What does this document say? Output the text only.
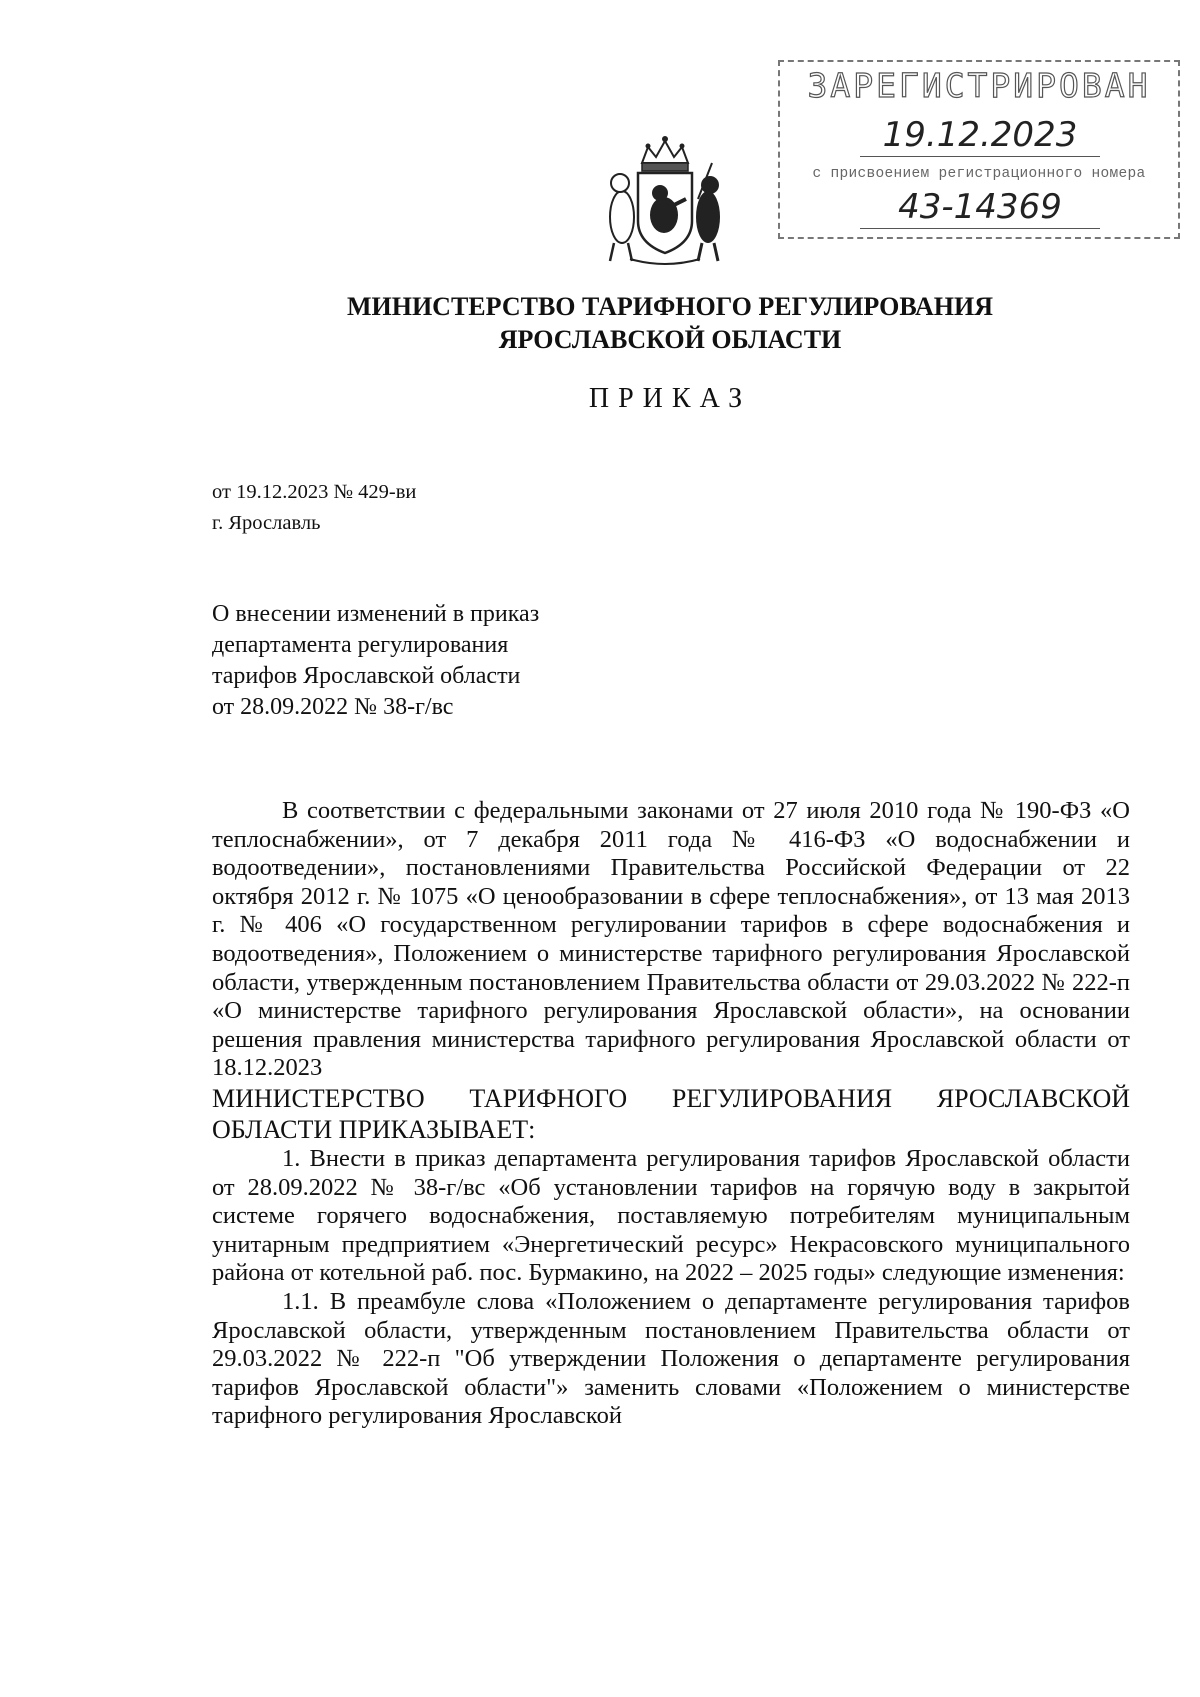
ЗАРЕГИСТРИРОВАН
19.12.2023
с присвоением регистрационного номера
43-14369
МИНИСТЕРСТВО ТАРИФНОГО РЕГУЛИРОВАНИЯ
ЯРОСЛАВСКОЙ ОБЛАСТИ
ПРИКАЗ
от 19.12.2023 № 429-ви
г. Ярославль
О внесении изменений в приказ
департамента регулирования
тарифов Ярославской области
от 28.09.2022 № 38-г/вс

В соответствии с федеральными законами от 27 июля 2010 года № 190-ФЗ «О теплоснабжении», от 7 декабря 2011 года № 416-ФЗ «О водоснабжении и водоотведении», постановлениями Правительства Российской Федерации от 22 октября 2012 г. № 1075 «О ценообразовании в сфере теплоснабжения», от 13 мая 2013 г. № 406 «О государственном регулировании тарифов в сфере водоснабжения и водоотведения», Положением о министерстве тарифного регулирования Ярославской области, утвержденным постановлением Правительства области от 29.03.2022 № 222-п «О министерстве тарифного регулирования Ярославской области», на основании решения правления министерства тарифного регулирования Ярославской области от 18.12.2023

МИНИСТЕРСТВО ТАРИФНОГО РЕГУЛИРОВАНИЯ ЯРОСЛАВСКОЙ ОБЛАСТИ ПРИКАЗЫВАЕТ:

1. Внести в приказ департамента регулирования тарифов Ярославской области от 28.09.2022 № 38-г/вс «Об установлении тарифов на горячую воду в закрытой системе горячего водоснабжения, поставляемую потребителям муниципальным унитарным предприятием «Энергетический ресурс» Некрасовского муниципального района от котельной раб. пос. Бурмакино, на 2022 – 2025 годы» следующие изменения:

1.1. В преамбуле слова «Положением о департаменте регулирования тарифов Ярославской области, утвержденным постановлением Правительства области от 29.03.2022 № 222-п "Об утверждении Положения о департаменте регулирования тарифов Ярославской области"» заменить словами «Положением о министерстве тарифного регулирования Ярославской
